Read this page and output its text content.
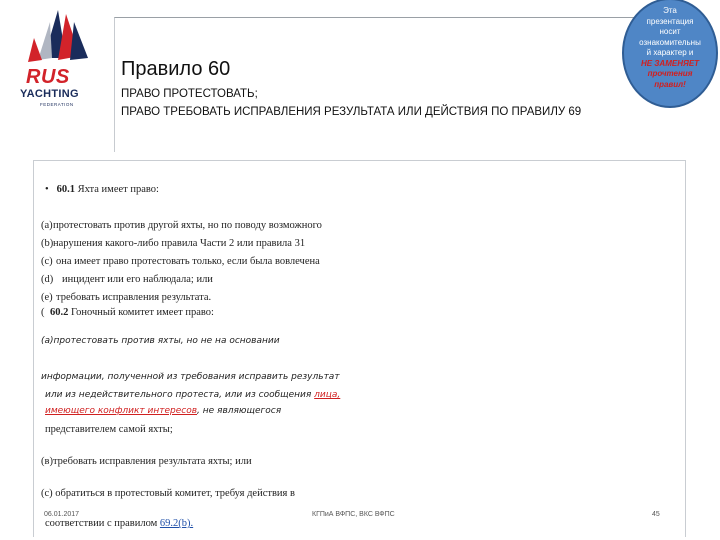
RUS
YACHTING
FEDERATION
Правило 60
ПРАВО ПРОТЕСТОВАТЬ;
ПРАВО ТРЕБОВАТЬ ИСПРАВЛЕНИЯ РЕЗУЛЬТАТА ИЛИ ДЕЙСТВИЯ ПО ПРАВИЛУ 69
Эта
презентация
носит
ознакомительны
й характер и
НЕ ЗАМЕНЯЕТ
прочтения
правил!
• 60.1 Яхта имеет право:
(a) протестовать против другой яхты, но по поводу возможного
(b) нарушения какого-либо правила Части 2 или правила 31
(c) она имеет право протестовать только, если была вовлечена
(d) инцидент или его наблюдала; или
(e) требовать исправления результата.
( 60.2 Гоночный комитет имеет право:
(a)протестовать против яхты, но не на основании
информации, полученной из требования исправить результат
или из недействительного протеста, или из сообщения лица,
имеющего конфликт интересов, не являющегося
представителем самой яхты;
(в)требовать исправления результата яхты; или
(c) обратиться в протестовый комитет, требуя действия в
соответствии с правилом 69.2(b).
06.01.2017	КГПиА ВФПС, ВКС ВФПС	45
